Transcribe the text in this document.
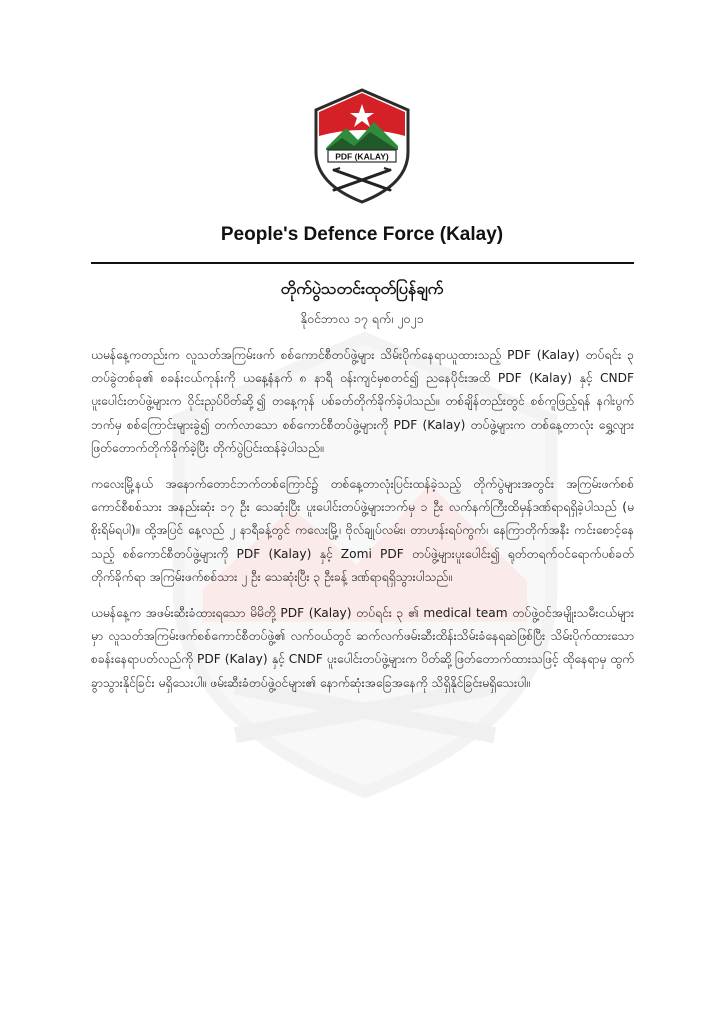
PDF (KALAY)
People's Defence Force (Kalay)
တိုက်ပွဲသတင်းထုတ်ပြန်ချက်
နိုဝင်ဘာလ ၁၇ ရက်၊ ၂၀၂၁

ယမန်နေ့ကတည်းက လူသတ်အကြမ်းဖက် စစ်ကောင်စီတပ်ဖွဲ့များ သိမ်းပိုက်နေရာယူထားသည့် PDF (Kalay) တပ်ရင်း ၃ တပ်ခွဲတစ်ခု၏ စခန်းငယ်ကုန်းကို ယနေ့နံနက် ၈ နာရီ ဝန်းကျင်မှစတင်၍ ညနေပိုင်းအထိ PDF (Kalay) နှင့် CNDF ပူးပေါင်းတပ်ဖွဲ့များက ဝိုင်းညှပ်ပိတ်ဆို့၍ တနေ့ကုန် ပစ်ခတ်တိုက်ခိုက်ခဲ့ပါသည်။ တစ်ချိန်တည်းတွင် စစ်ကူဖြည့်ရန် နဂါးပွက်ဘက်မှ စစ်ကြောင်းများခွဲ၍ တက်လာသော စစ်ကောင်စီတပ်ဖွဲ့များကို PDF (Kalay) တပ်ဖွဲ့များက တစ်နေ့တာလုံး ရွှေ့လျား ဖြတ်တောက်တိုက်ခိုက်ခဲ့ပြီး တိုက်ပွဲပြင်းထန်ခဲ့ပါသည်။

ကလေးမြို့နယ် အနောက်တောင်ဘက်တစ်ကြောင်၌ တစ်နေ့တာလုံးပြင်းထန်ခဲ့သည့် တိုက်ပွဲများအတွင်း အကြမ်းဖက်စစ်ကောင်စီစစ်သား အနည်းဆုံး ၁၇ ဦး သေဆုံးပြီး ပူးပေါင်းတပ်ဖွဲ့များဘက်မှ ၁ ဦး လက်နက်ကြီးထိမှန်ဒဏ်ရာရရှိခဲ့ပါသည် (မစိုးရိမ်ရပါ)။ ထို့အပြင် နေ့လည် ၂ နာရီခန့်တွင် ကလေးမြို့၊ ဗိုလ်ချုပ်လမ်း၊ တာဟန်းရပ်ကွက်၊ နေကြာတိုက်အနီး ကင်းစောင့်နေသည့် စစ်ကောင်စီတပ်ဖွဲ့များကို PDF (Kalay) နှင့် Zomi PDF တပ်ဖွဲ့များပူးပေါင်း၍ ရုတ်တရက်ဝင်ရောက်ပစ်ခတ်တိုက်ခိုက်ရာ အကြမ်းဖက်စစ်သား ၂ ဦး သေဆုံးပြီး ၃ ဦးခန့် ဒဏ်ရာရရှိသွားပါသည်။

ယမန်နေ့က အဖမ်းဆီးခံထားရသော မိမိတို့ PDF (Kalay) တပ်ရင်း ၃ ၏ medical team တပ်ဖွဲ့ဝင်အမျိုးသမီးငယ်များမှာ လူသတ်အကြမ်းဖက်စစ်ကောင်စီတပ်ဖွဲ့၏ လက်ဝယ်တွင် ဆက်လက်ဖမ်းဆီးထိန်းသိမ်းခံနေရဆဲဖြစ်ပြီး သိမ်းပိုက်ထားသော စခန်းနေရာပတ်လည်ကို PDF (Kalay) နှင့် CNDF ပူးပေါင်းတပ်ဖွဲ့များက ပိတ်ဆို့ဖြတ်တောက်ထားသဖြင့် ထိုနေရာမှ ထွက်ခွာသွားနိုင်ခြင်း မရှိသေးပါ။ ဖမ်းဆီးခံတပ်ဖွဲ့ဝင်များ၏ နောက်ဆုံးအခြေအနေကို သိရှိနိုင်ခြင်းမရှိသေးပါ။
